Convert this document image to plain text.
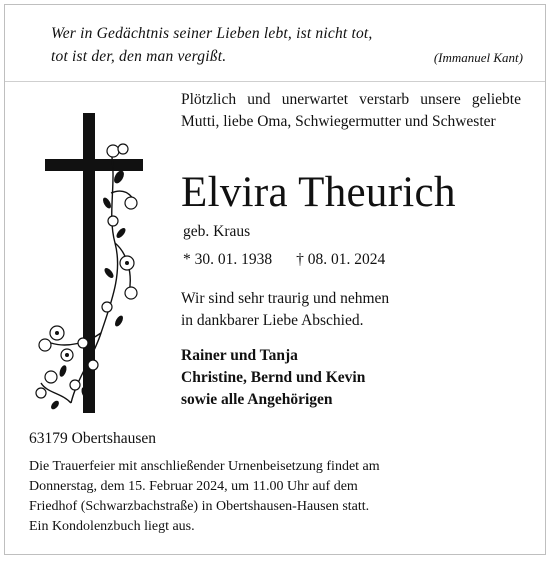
Wer in Gedächtnis seiner Lieben lebt, ist nicht tot,
tot ist der, den man vergißt.	(Immanuel Kant)
Plötzlich und unerwartet verstarb unsere geliebte Mutti, liebe Oma, Schwiegermutter und Schwester
Elvira Theurich
geb. Kraus
* 30. 01. 1938 † 08. 01. 2024
Wir sind sehr traurig und nehmen
in dankbarer Liebe Abschied.
Rainer und Tanja
Christine, Bernd und Kevin
sowie alle Angehörigen
63179 Obertshausen
Die Trauerfeier mit anschließender Urnenbeisetzung findet am
Donnerstag, dem 15. Februar 2024, um 11.00 Uhr auf dem
Friedhof (Schwarzbachstraße) in Obertshausen-Hausen statt.
Ein Kondolenzbuch liegt aus.
